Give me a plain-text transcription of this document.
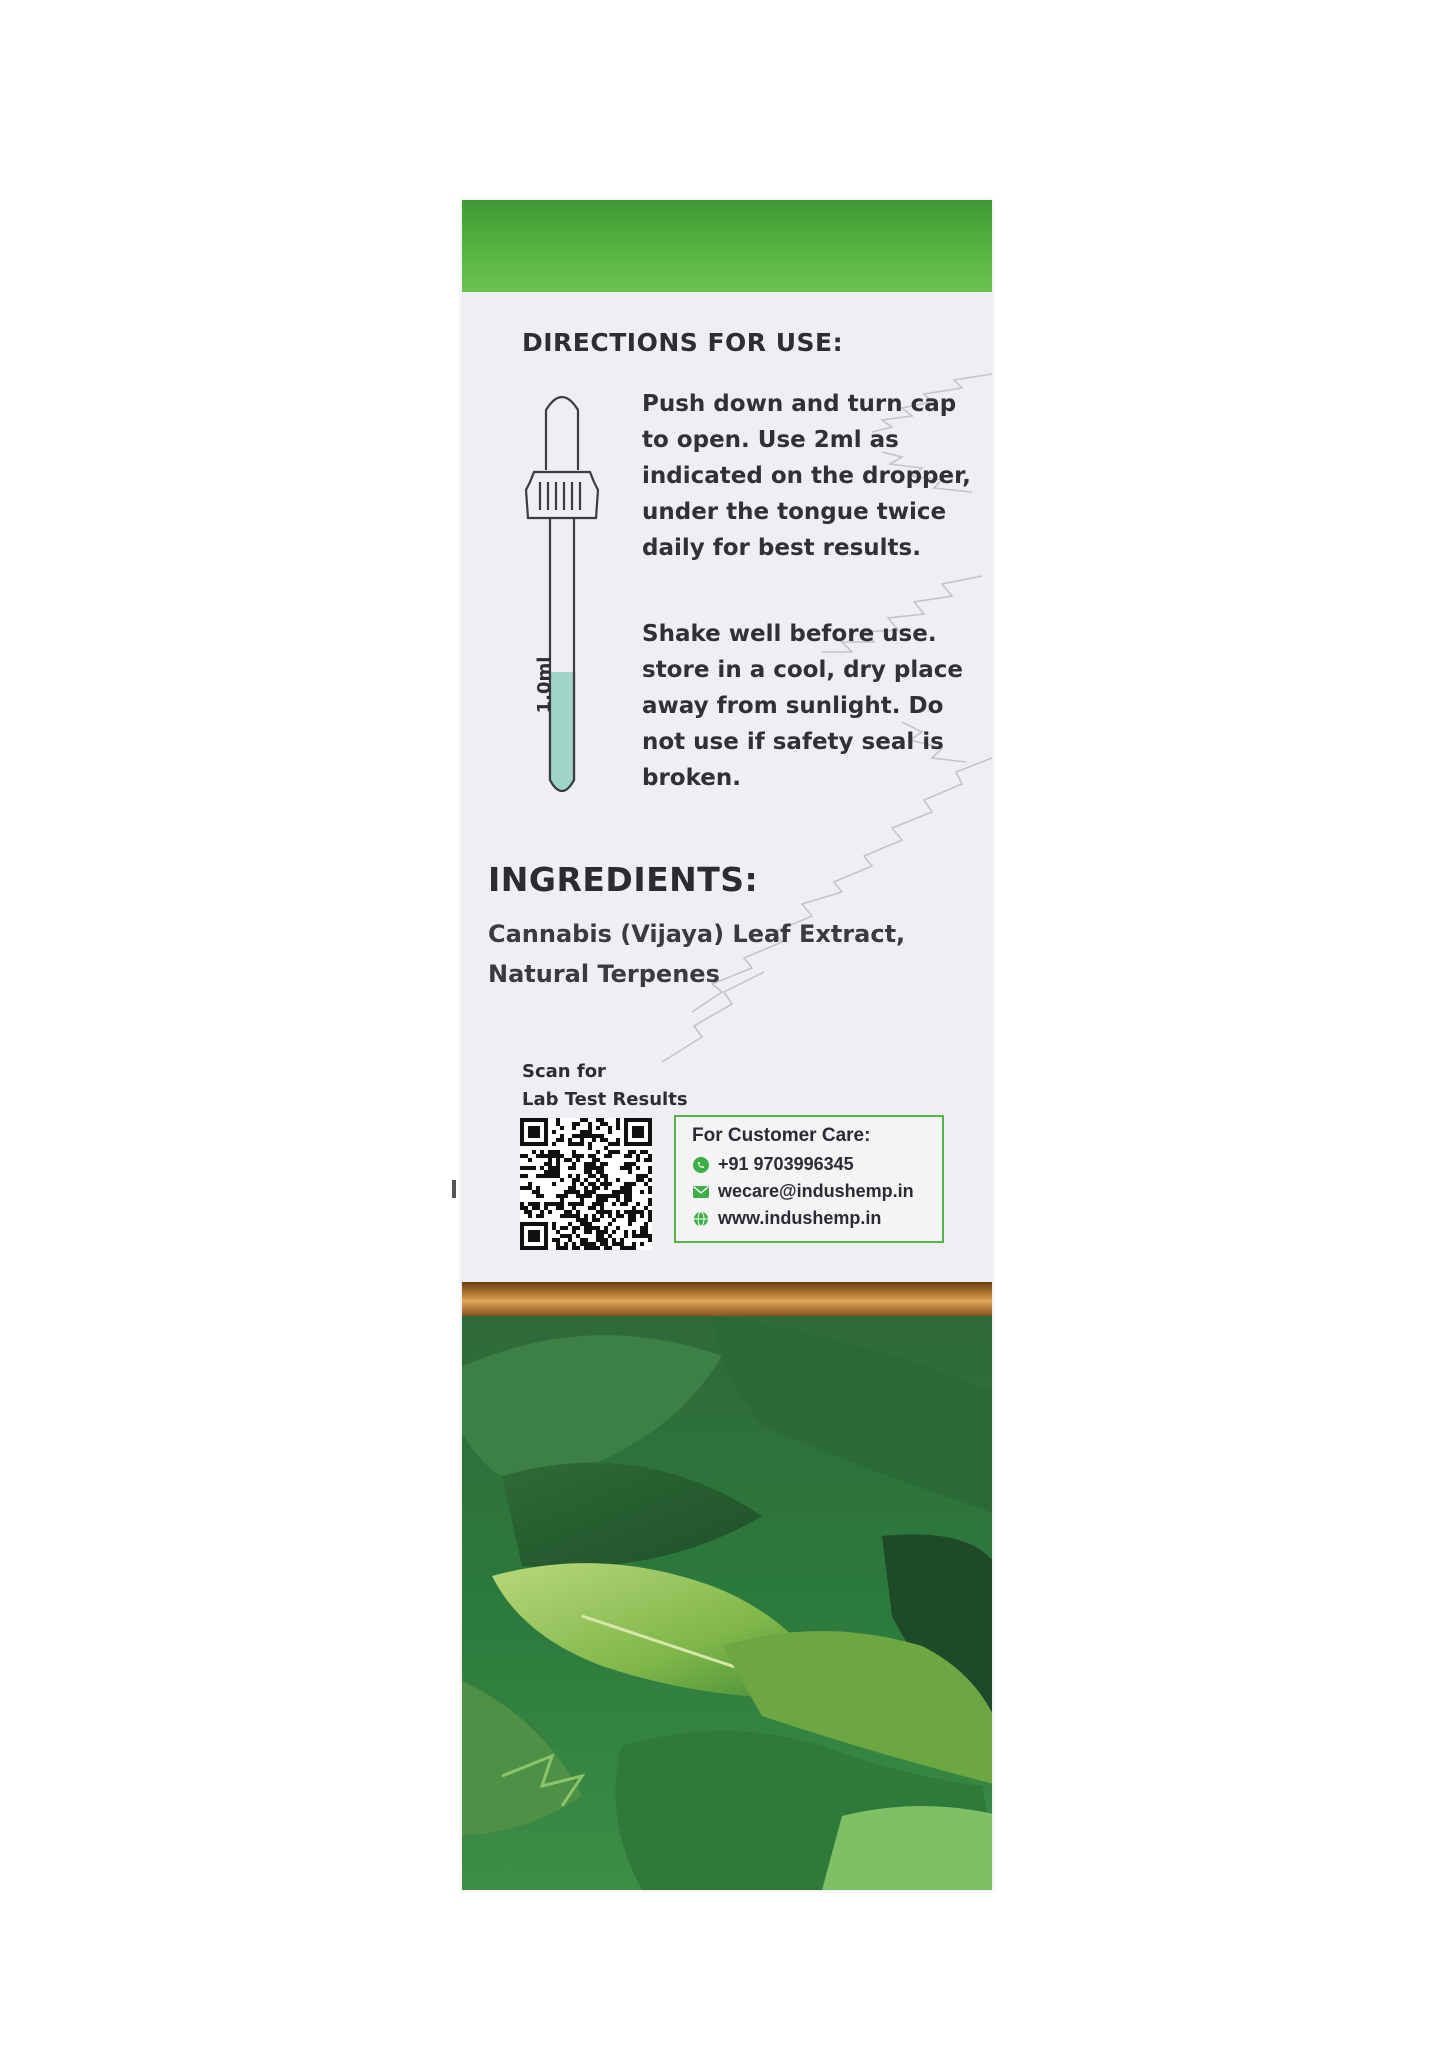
DIRECTIONS FOR USE:
1.0ml

Push down and turn cap to open. Use 2ml as indicated on the dropper, under the tongue twice daily for best results.

Shake well before use. store in a cool, dry place away from sunlight. Do not use if safety seal is broken.

INGREDIENTS:

Cannabis (Vijaya) Leaf Extract, Natural Terpenes

Scan for
Lab Test Results
For Customer Care:
+91 9703996345
wecare@indushemp.in
www.indushemp.in
